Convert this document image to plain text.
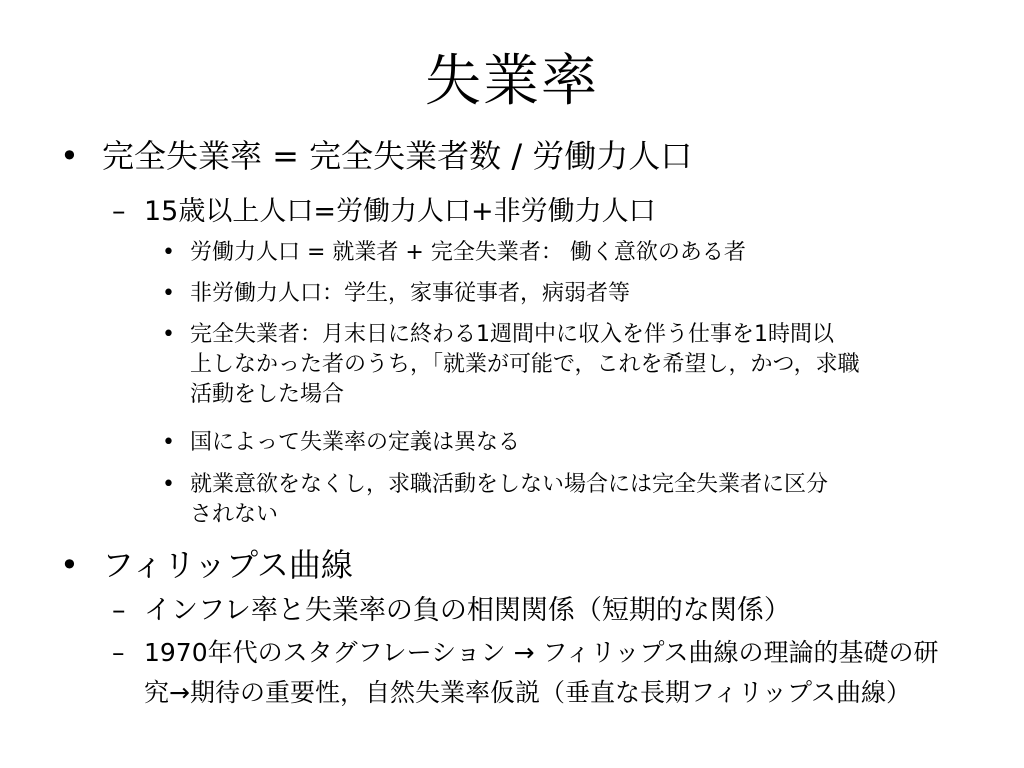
失業率
• 完全失業率 = 完全失業者数 / 労働力人口
– 15歳以上人口=労働力人口+非労働力人口
• 労働力人口 = 就業者 + 完全失業者： 働く意欲のある者
• 非労働力人口：学生，家事従事者，病弱者等
• 完全失業者：月末日に終わる1週間中に収入を伴う仕事を1時間以
上しなかった者のうち，「就業が可能で，これを希望し，かつ，求職
活動をした場合
• 国によって失業率の定義は異なる
• 就業意欲をなくし，求職活動をしない場合には完全失業者に区分
されない
• フィリップス曲線
– インフレ率と失業率の負の相関関係（短期的な関係）
– 1970年代のスタグフレーション → フィリップス曲線の理論的基礎の研
究→期待の重要性，自然失業率仮説（垂直な長期フィリップス曲線）
